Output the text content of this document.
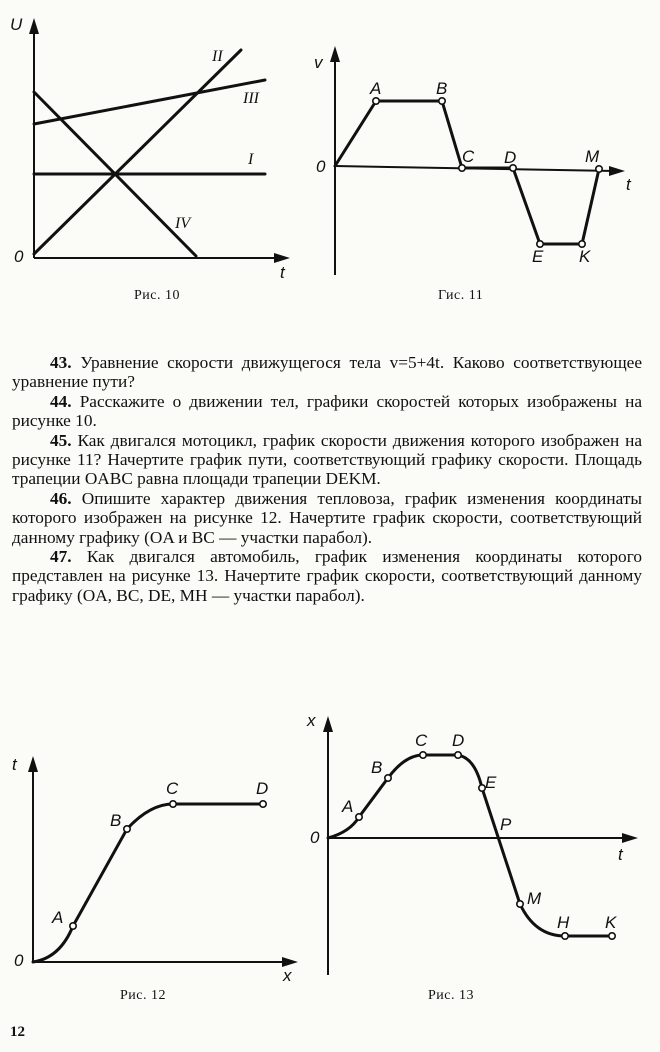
U
t
0
I
II
III
IV
Рис. 10
v
t
0
A	B
C D
E K
M
Гис. 11

43. Уравнение скорости движущегося тела v=5+4t. Каково соответствующее уравнение пути?

44. Расскажите о движении тел, графики скоростей которых изображены на рисунке 10.

45. Как двигался мотоцикл, график скорости движения которого изображен на рисунке 11? Начертите график пути, соответствующий графику скорости. Площадь трапеции OABC равна площади трапеции DEKM.

46. Опишите характер движения тепловоза, график изменения координаты которого изображен на рисунке 12. Начертите график скорости, соответствующий данному графику (OA и BC — участки парабол).

47. Как двигался автомобиль, график изменения координаты которого представлен на рисунке 13. Начертите график скорости, соответствующий данному графику (OA, BC, DE, MH — участки парабол).

t
x
0
A
B
C	D
Рис. 12
x
t
0
A
B
C D
E
P
M
H K
Рис. 13
12
